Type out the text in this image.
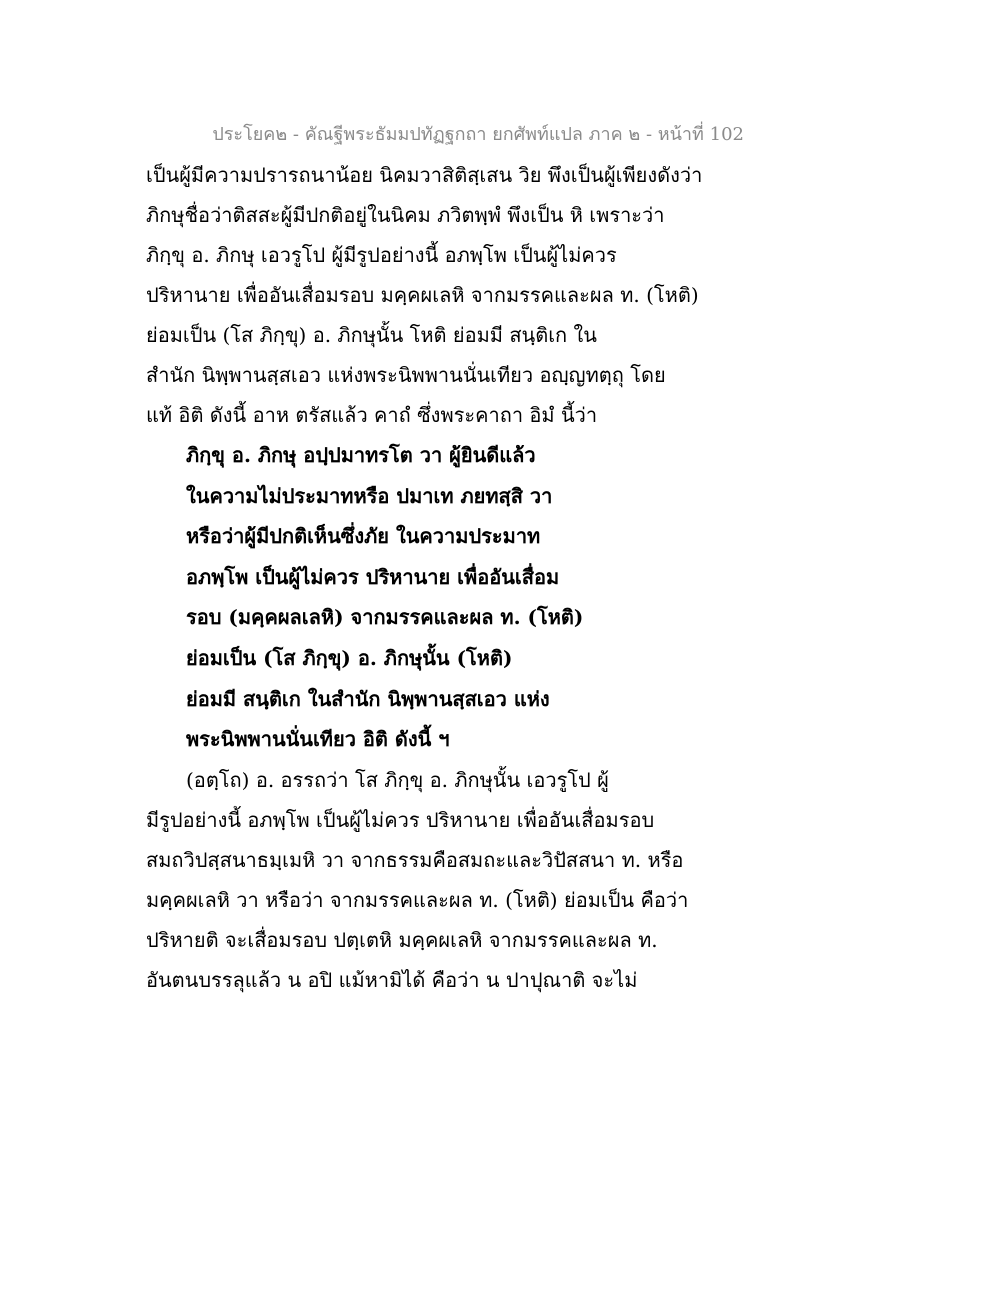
ประโยค๒ - คัณฐีพระธัมมปทัฏฐกถา ยกศัพท์แปล ภาค ๒ - หน้าที่ 102
เป็นผู้มีความปรารถนาน้อย นิคมวาสิติสฺเสน วิย พึงเป็นผู้เพียงดังว่า
ภิกษุชื่อว่าติสสะผู้มีปกติอยู่ในนิคม ภวิตพฺพํ พึงเป็น หิ เพราะว่า
ภิกฺขุ อ. ภิกษุ เอวรูโป ผู้มีรูปอย่างนี้ อภพฺโพ เป็นผู้ไม่ควร
ปริหานาย เพื่ออันเสื่อมรอบ มคฺคผเลหิ จากมรรคและผล ท. (โหติ)
ย่อมเป็น (โส ภิกฺขุ) อ. ภิกษุนั้น โหติ ย่อมมี สนฺติเก ใน
สำนัก นิพฺพานสฺสเอว แห่งพระนิพพานนั่นเทียว อญฺญทตฺถุ โดย
แท้ อิติ ดังนี้ อาห ตรัสแล้ว คาถํ ซึ่งพระคาถา อิมํ นี้ว่า
ภิกฺขุ อ. ภิกษุ อปฺปมาทรโต วา ผู้ยินดีแล้ว
ในความไม่ประมาทหรือ ปมาเท ภยทสฺสิ วา
หรือว่าผู้มีปกติเห็นซึ่งภัย ในความประมาท
อภพฺโพ เป็นผู้ไม่ควร ปริหานาย เพื่ออันเสื่อม
รอบ (มคฺคผลเลหิ) จากมรรคและผล ท. (โหติ)
ย่อมเป็น (โส ภิกฺขุ) อ. ภิกษุนั้น (โหติ)
ย่อมมี สนฺติเก ในสำนัก นิพฺพานสฺสเอว แห่ง
พระนิพพานนั่นเทียว อิติ ดังนี้ ฯ
(อตฺโถ) อ. อรรถว่า โส ภิกฺขุ อ. ภิกษุนั้น เอวรูโป ผู้
มีรูปอย่างนี้ อภพฺโพ เป็นผู้ไม่ควร ปริหานาย เพื่ออันเสื่อมรอบ
สมถวิปสฺสนาธมฺเมหิ วา จากธรรมคือสมถะและวิปัสสนา ท. หรือ
มคฺคผเลหิ วา หรือว่า จากมรรคและผล ท. (โหติ) ย่อมเป็น คือว่า
ปริหายติ จะเสื่อมรอบ ปตฺเตหิ มคฺคผเลหิ จากมรรคและผล ท.
อันตนบรรลุแล้ว น อปิ แม้หามิได้ คือว่า น ปาปุณาติ จะไม่
